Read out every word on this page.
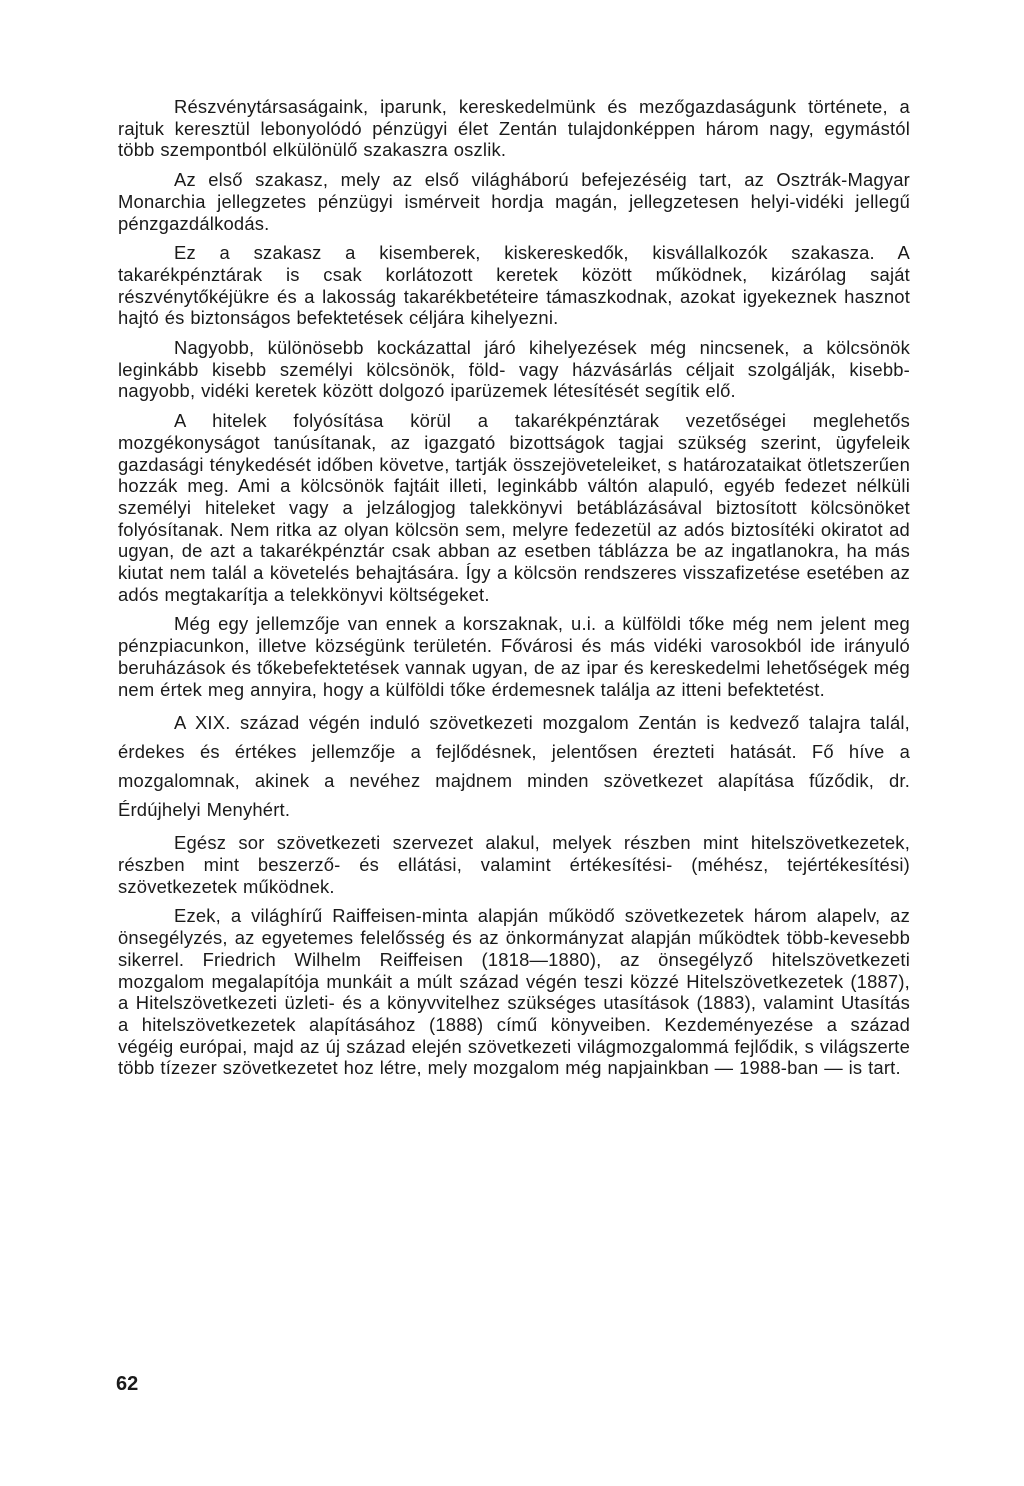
Részvénytársaságaink, iparunk, kereskedelmünk és mezőgazdaságunk története, a rajtuk keresztül lebonyolódó pénzügyi élet Zentán tulajdonképpen három nagy, egymástól több szempontból elkülönülő szakaszra oszlik.

Az első szakasz, mely az első világháború befejezéséig tart, az Osztrák-Magyar Monarchia jellegzetes pénzügyi ismérveit hordja magán, jellegzetesen helyi-vidéki jellegű pénzgazdálkodás.

Ez a szakasz a kisemberek, kiskereskedők, kisvállalkozók szakasza. A takarékpénztárak is csak korlátozott keretek között működnek, kizárólag saját részvénytőkéjükre és a lakosság takarékbetéteire támaszkodnak, azokat igyekeznek hasznot hajtó és biztonságos befektetések céljára kihelyezni.

Nagyobb, különösebb kockázattal járó kihelyezések még nincsenek, a kölcsönök leginkább kisebb személyi kölcsönök, föld- vagy házvásárlás céljait szolgálják, kisebb-nagyobb, vidéki keretek között dolgozó iparüzemek létesítését segítik elő.

A hitelek folyósítása körül a takarékpénztárak vezetőségei meglehetős mozgékonyságot tanúsítanak, az igazgató bizottságok tagjai szükség szerint, ügyfeleik gazdasági ténykedését időben követve, tartják összejöveteleiket, s határozataikat ötletszerűen hozzák meg. Ami a kölcsönök fajtáit illeti, leginkább váltón alapuló, egyéb fedezet nélküli személyi hiteleket vagy a jelzálogjog talekkönyvi betáblázásával biztosított kölcsönöket folyósítanak. Nem ritka az olyan kölcsön sem, melyre fedezetül az adós biztosítéki okiratot ad ugyan, de azt a takarékpénztár csak abban az esetben táblázza be az ingatlanokra, ha más kiutat nem talál a követelés behajtására. Így a kölcsön rendszeres visszafizetése esetében az adós megtakarítja a telekkönyvi költségeket.

Még egy jellemzője van ennek a korszaknak, u.i. a külföldi tőke még nem jelent meg pénzpiacunkon, illetve községünk területén. Fővárosi és más vidéki varosokból ide irányuló beruházások és tőkebefektetések vannak ugyan, de az ipar és kereskedelmi lehetőségek még nem értek meg annyira, hogy a külföldi tőke érdemesnek találja az itteni befektetést.

A XIX. század végén induló szövetkezeti mozgalom Zentán is kedvező talajra talál, érdekes és értékes jellemzője a fejlődésnek, jelentősen érezteti hatását. Fő híve a mozgalomnak, akinek a nevéhez majdnem minden szövetkezet alapítása fűződik, dr. Érdújhelyi Menyhért.

Egész sor szövetkezeti szervezet alakul, melyek részben mint hitelszövetkezetek, részben mint beszerző- és ellátási, valamint értékesítési- (méhész, tejértékesítési) szövetkezetek működnek.

Ezek, a világhírű Raiffeisen-minta alapján működő szövetkezetek három alapelv, az önsegélyzés, az egyetemes felelősség és az önkormányzat alapján működtek több-kevesebb sikerrel. Friedrich Wilhelm Reiffeisen (1818—1880), az önsegélyző hitelszövetkezeti mozgalom megalapítója munkáit a múlt század végén teszi közzé Hitelszövetkezetek (1887), a Hitelszövetkezeti üzleti- és a könyvvitelhez szükséges utasítások (1883), valamint Utasítás a hitelszövetkezetek alapításához (1888) című könyveiben. Kezdeményezése a század végéig európai, majd az új század elején szövetkezeti világmozgalommá fejlődik, s világszerte több tízezer szövetkezetet hoz létre, mely mozgalom még napjainkban — 1988-ban — is tart.

62
